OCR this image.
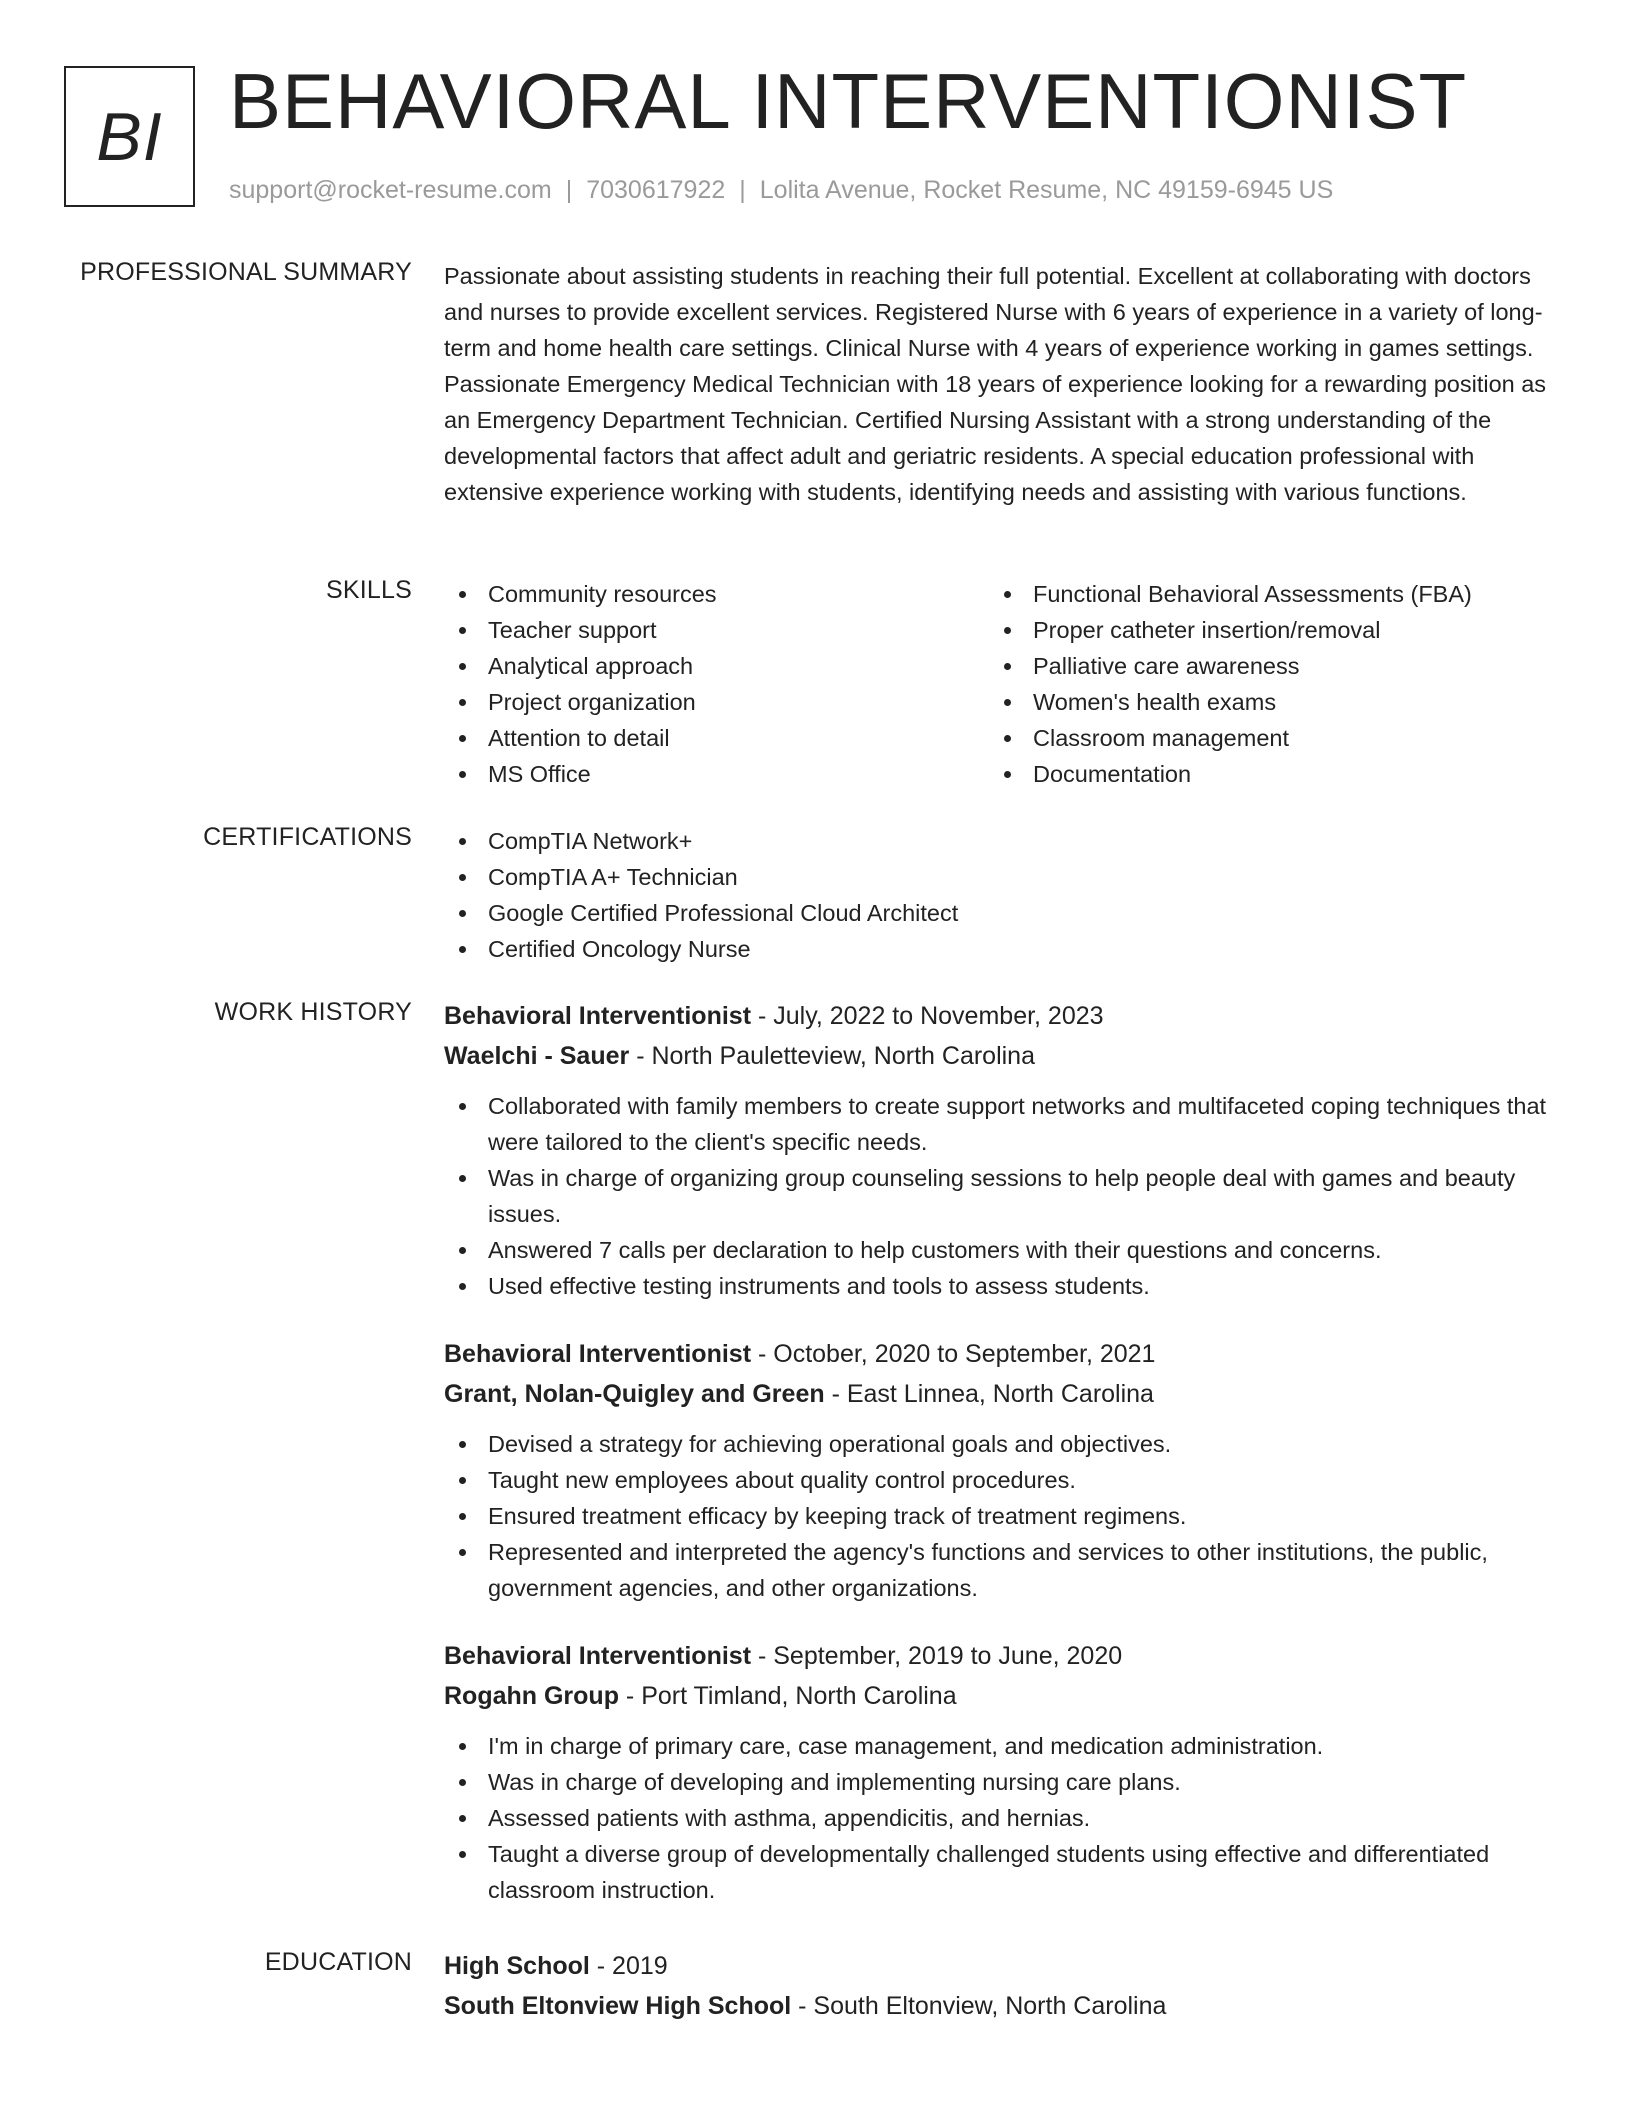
BI BEHAVIORAL INTERVENTIONIST
support@rocket-resume.com | 7030617922 | Lolita Avenue, Rocket Resume, NC 49159-6945 US
PROFESSIONAL SUMMARY Passionate about assisting students in reaching their full potential. Excellent at collaborating with doctors and nurses to provide excellent services. Registered Nurse with 6 years of experience in a variety of long-term and home health care settings. Clinical Nurse with 4 years of experience working in games settings. Passionate Emergency Medical Technician with 18 years of experience looking for a rewarding position as an Emergency Department Technician. Certified Nursing Assistant with a strong understanding of the developmental factors that affect adult and geriatric residents. A special education professional with extensive experience working with students, identifying needs and assisting with various functions.
SKILLS	Community resources
Teacher support
Analytical approach
Project organization
Attention to detail
MS Office
Functional Behavioral Assessments (FBA)
Proper catheter insertion/removal
Palliative care awareness
Women's health exams
Classroom management
Documentation
CERTIFICATIONS	CompTIA Network+
CompTIA A+ Technician
Google Certified Professional Cloud Architect
Certified Oncology Nurse
WORK HISTORY Behavioral Interventionist - July, 2022 to November, 2023
Waelchi - Sauer - North Pauletteview, North Carolina
Collaborated with family members to create support networks and multifaceted coping techniques that were tailored to the client's specific needs.
Was in charge of organizing group counseling sessions to help people deal with games and beauty issues.
Answered 7 calls per declaration to help customers with their questions and concerns.
Used effective testing instruments and tools to assess students.
Behavioral Interventionist - October, 2020 to September, 2021
Grant, Nolan-Quigley and Green - East Linnea, North Carolina
Devised a strategy for achieving operational goals and objectives.
Taught new employees about quality control procedures.
Ensured treatment efficacy by keeping track of treatment regimens.
Represented and interpreted the agency's functions and services to other institutions, the public, government agencies, and other organizations.
Behavioral Interventionist - September, 2019 to June, 2020
Rogahn Group - Port Timland, North Carolina
I'm in charge of primary care, case management, and medication administration.
Was in charge of developing and implementing nursing care plans.
Assessed patients with asthma, appendicitis, and hernias.
Taught a diverse group of developmentally challenged students using effective and differentiated classroom instruction.
EDUCATION High School - 2019
South Eltonview High School - South Eltonview, North Carolina
